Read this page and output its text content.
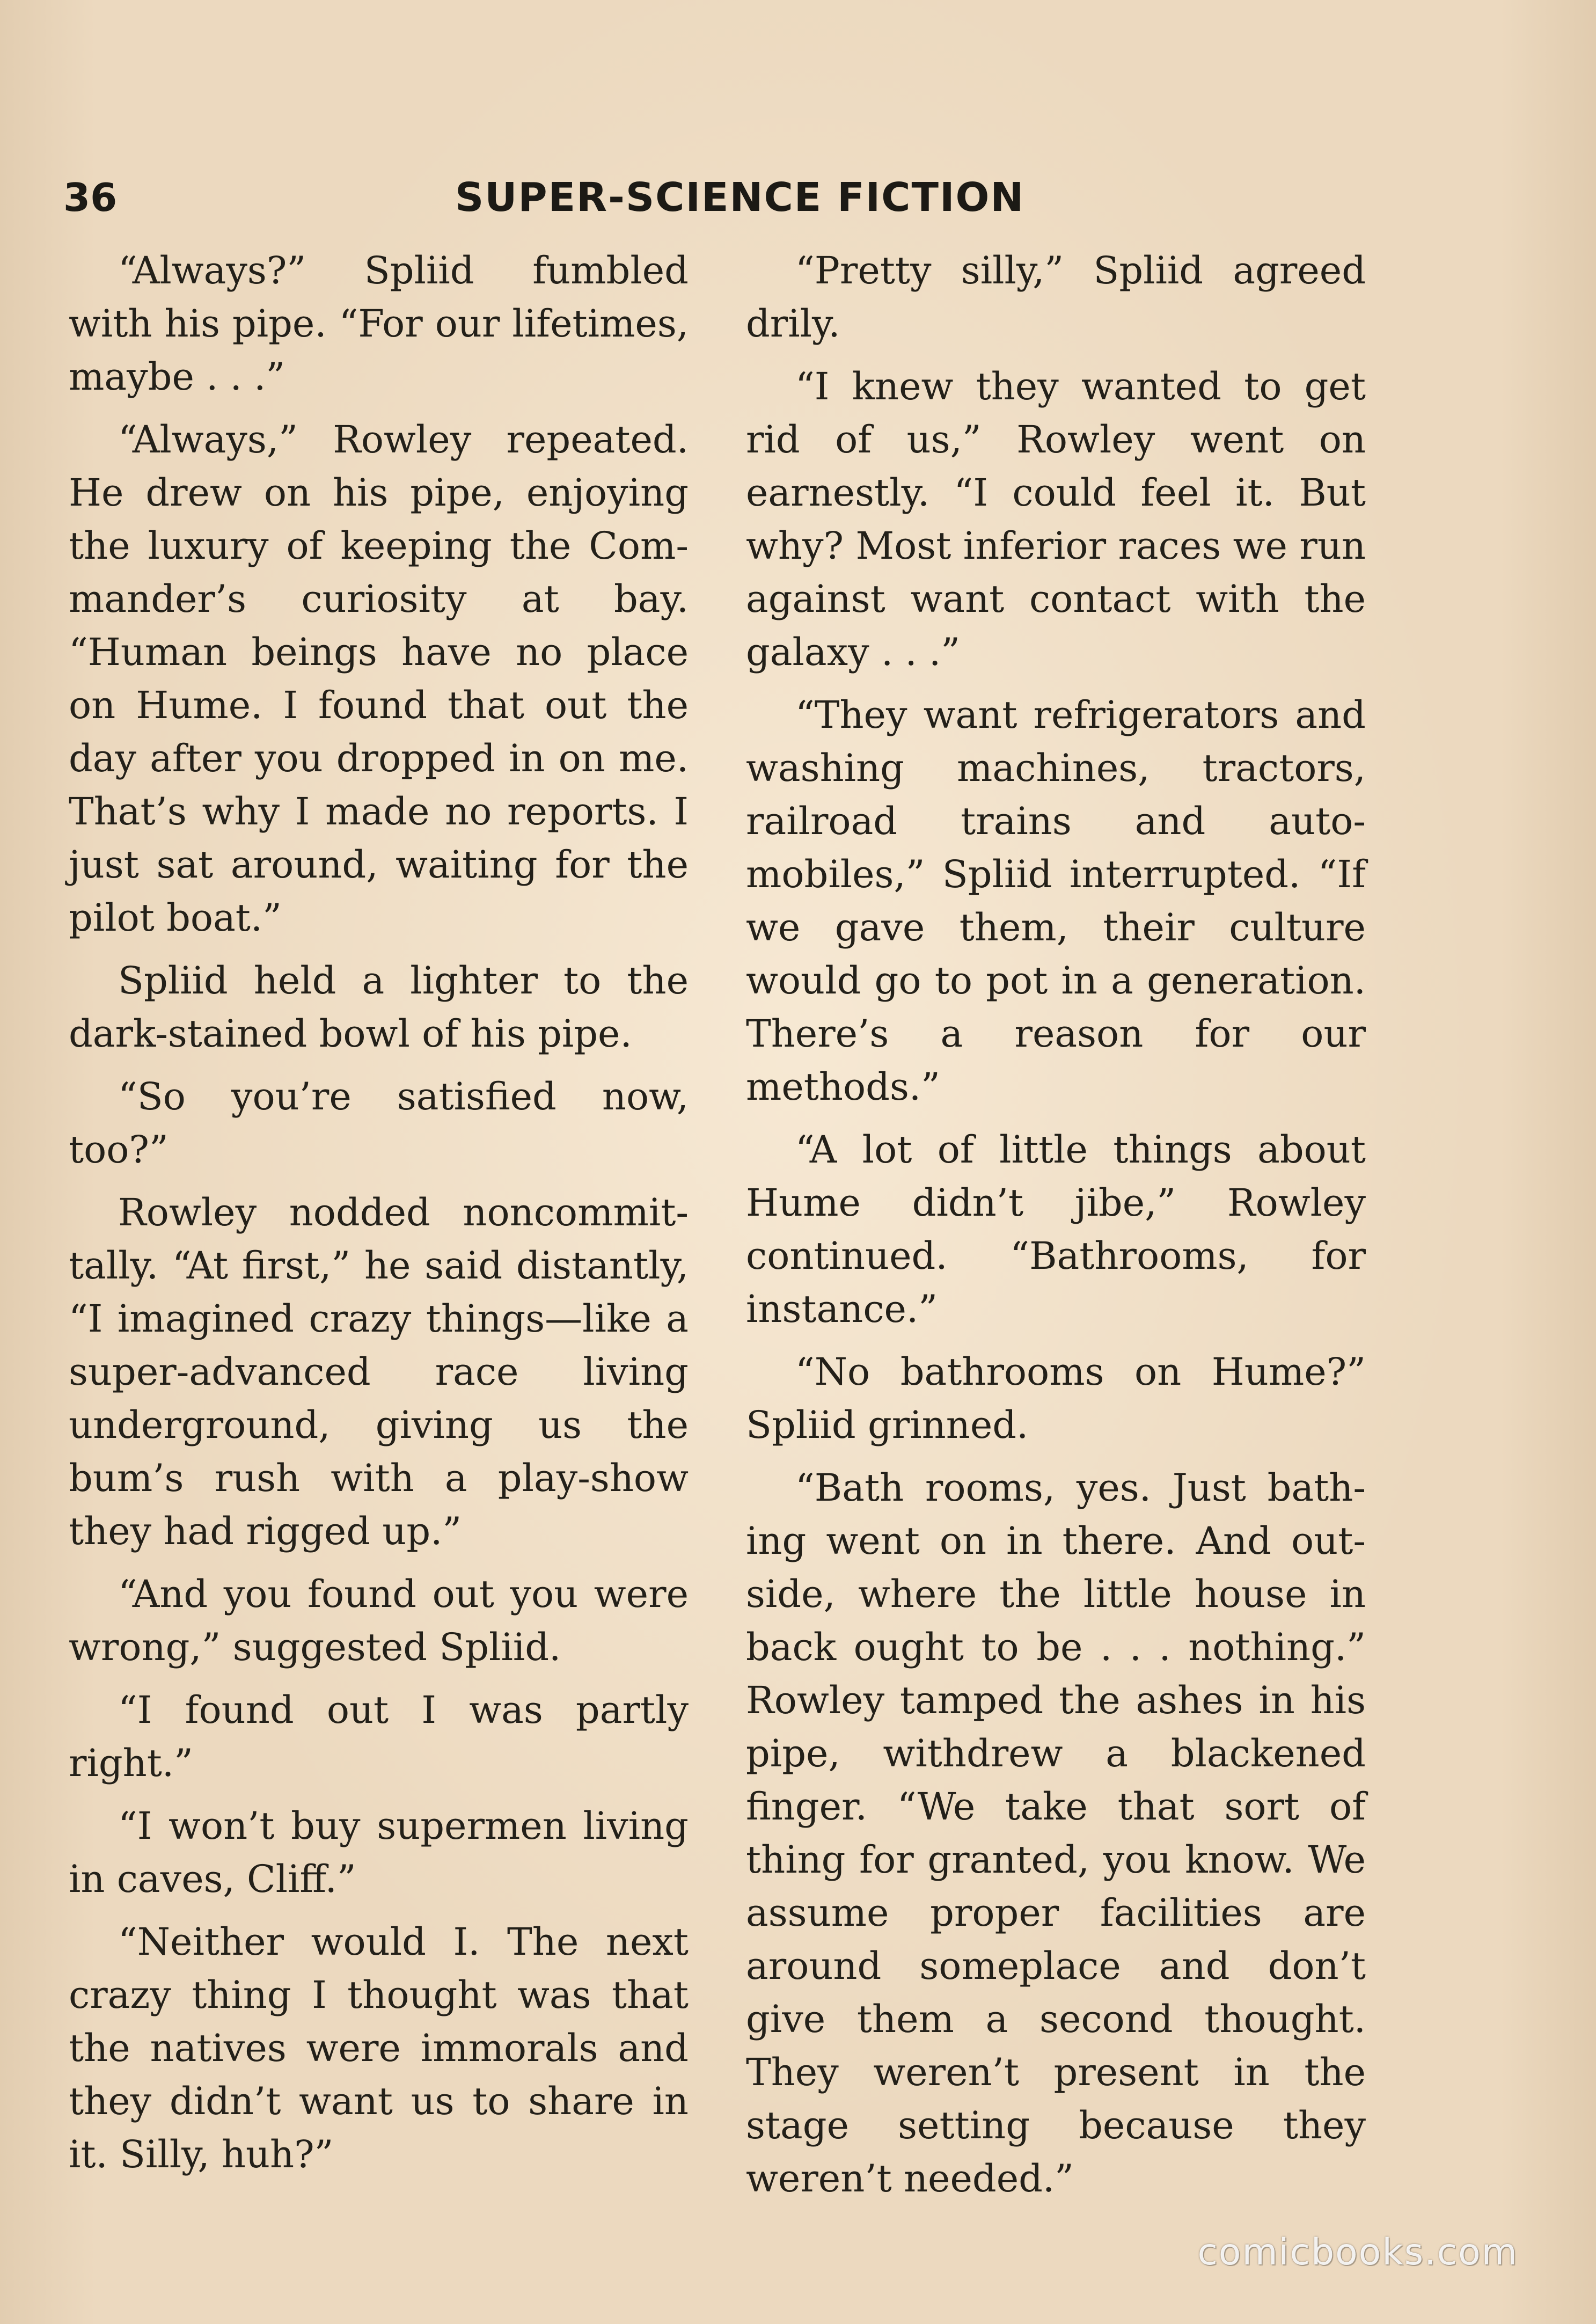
36	SUPER-SCIENCE FICTION

“Always?” Spliid fumbled with his pipe. “For our lifetimes, maybe . . .”

“Always,” Rowley repeated. He drew on his pipe, enjoying the luxury of keeping the Commander’s curiosity at bay. “Human beings have no place on Hume. I found that out the day after you dropped in on me. That’s why I made no reports. I just sat around, waiting for the pilot boat.”

Spliid held a lighter to the dark-stained bowl of his pipe.

“So you’re satisfied now, too?”

Rowley nodded noncommittally. “At first,” he said distantly, “I imagined crazy things—like a super-advanced race living underground, giving us the bum’s rush with a play-show they had rigged up.”

“And you found out you were wrong,” suggested Spliid.

“I found out I was partly right.”

“I won’t buy supermen living in caves, Cliff.”

“Neither would I. The next crazy thing I thought was that the natives were immorals and they didn’t want us to share in it. Silly, huh?”

“Pretty silly,” Spliid agreed drily.

“I knew they wanted to get rid of us,” Rowley went on earnestly. “I could feel it. But why? Most inferior races we run against want contact with the galaxy . . .”

“They want refrigerators and washing machines, tractors, railroad trains and automobiles,” Spliid interrupted. “If we gave them, their culture would go to pot in a generation. There’s a reason for our methods.”

“A lot of little things about Hume didn’t jibe,” Rowley continued. “Bathrooms, for instance.”

“No bathrooms on Hume?” Spliid grinned.

“Bath rooms, yes. Just bathing went on in there. And outside, where the little house in back ought to be . . . nothing.” Rowley tamped the ashes in his pipe, withdrew a blackened finger. “We take that sort of thing for granted, you know. We assume proper facilities are around someplace and don’t give them a second thought. They weren’t present in the stage setting because they weren’t needed.”

comicbooks.com
